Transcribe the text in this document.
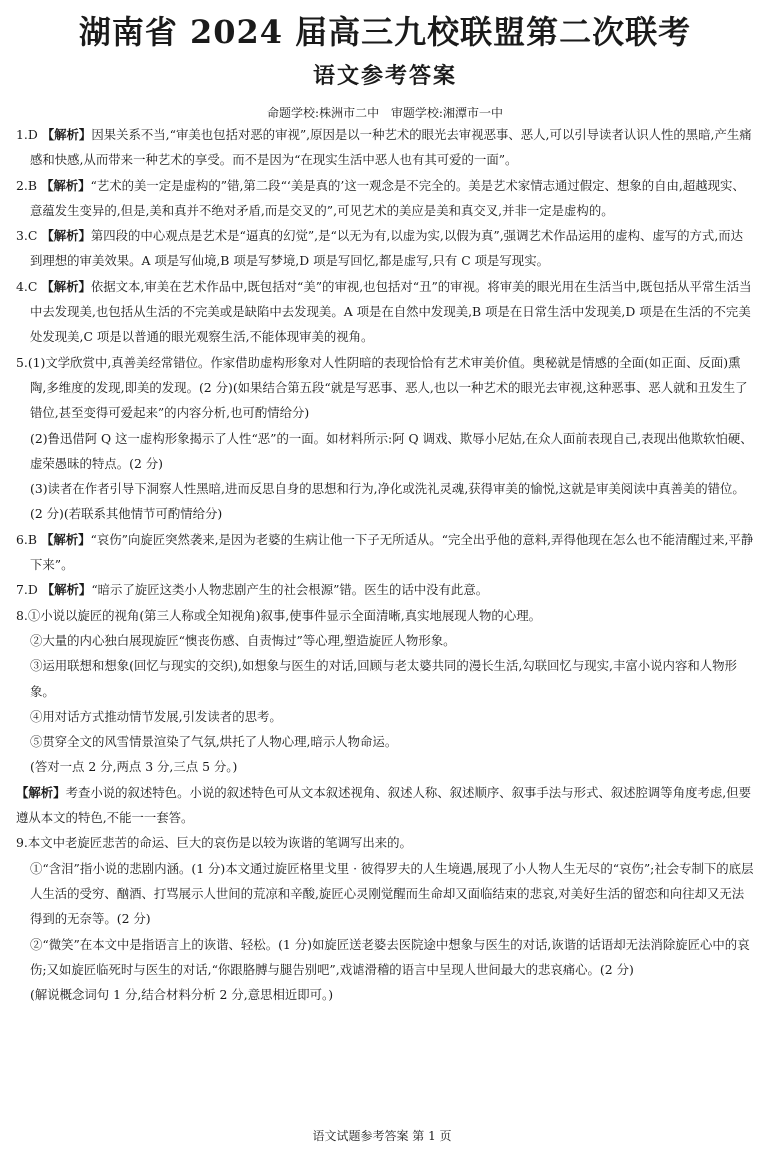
湖南省 2024 届高三九校联盟第二次联考
语文参考答案
命题学校:株洲市二中 审题学校:湘潭市一中

1.D 【解析】因果关系不当,“审美也包括对恶的审视”,原因是以一种艺术的眼光去审视恶事、恶人,可以引导读者认识人性的黑暗,产生痛感和快感,从而带来一种艺术的享受。而不是因为“在现实生活中恶人也有其可爱的一面”。

2.B 【解析】“艺术的美一定是虚构的”错,第二段“‘美是真的’这一观念是不完全的。美是艺术家情志通过假定、想象的自由,超越现实、意蕴发生变异的,但是,美和真并不绝对矛盾,而是交叉的”,可见艺术的美应是美和真交叉,并非一定是虚构的。

3.C 【解析】第四段的中心观点是艺术是“逼真的幻觉”,是“以无为有,以虚为实,以假为真”,强调艺术作品运用的虚构、虚写的方式,而达到理想的审美效果。A 项是写仙境,B 项是写梦境,D 项是写回忆,都是虚写,只有 C 项是写现实。

4.C 【解析】依据文本,审美在艺术作品中,既包括对“美”的审视,也包括对“丑”的审视。将审美的眼光用在生活当中,既包括从平常生活当中去发现美,也包括从生活的不完美或是缺陷中去发现美。A 项是在自然中发现美,B 项是在日常生活中发现美,D 项是在生活的不完美处发现美,C 项是以普通的眼光观察生活,不能体现审美的视角。

5.(1)文学欣赏中,真善美经常错位。作家借助虚构形象对人性阴暗的表现恰恰有艺术审美价值。奥秘就是情感的全面(如正面、反面)熏陶,多维度的发现,即美的发现。(2 分)(如果结合第五段“就是写恶事、恶人,也以一种艺术的眼光去审视,这种恶事、恶人就和丑发生了错位,甚至变得可爱起来”的内容分析,也可酌情给分)

(2)鲁迅借阿 Q 这一虚构形象揭示了人性“恶”的一面。如材料所示:阿 Q 调戏、欺辱小尼姑,在众人面前表现自己,表现出他欺软怕硬、虚荣愚昧的特点。(2 分)

(3)读者在作者引导下洞察人性黑暗,进而反思自身的思想和行为,净化或洗礼灵魂,获得审美的愉悦,这就是审美阅读中真善美的错位。(2 分)(若联系其他情节可酌情给分)

6.B 【解析】“哀伤”向旋匠突然袭来,是因为老婆的生病让他一下子无所适从。“完全出乎他的意料,弄得他现在怎么也不能清醒过来,平静下来”。

7.D 【解析】“暗示了旋匠这类小人物悲剧产生的社会根源”错。医生的话中没有此意。

8.①小说以旋匠的视角(第三人称或全知视角)叙事,使事件显示全面清晰,真实地展现人物的心理。

②大量的内心独白展现旋匠“懊丧伤感、自责悔过”等心理,塑造旋匠人物形象。

③运用联想和想象(回忆与现实的交织),如想象与医生的对话,回顾与老太婆共同的漫长生活,勾联回忆与现实,丰富小说内容和人物形象。

④用对话方式推动情节发展,引发读者的思考。

⑤贯穿全文的风雪情景渲染了气氛,烘托了人物心理,暗示人物命运。

(答对一点 2 分,两点 3 分,三点 5 分。)

【解析】考查小说的叙述特色。小说的叙述特色可从文本叙述视角、叙述人称、叙述顺序、叙事手法与形式、叙述腔调等角度考虑,但要遵从本文的特色,不能一一套答。

9.本文中老旋匠悲苦的命运、巨大的哀伤是以较为诙谐的笔调写出来的。

①“含泪”指小说的悲剧内涵。(1 分)本文通过旋匠格里戈里 · 彼得罗夫的人生境遇,展现了小人物人生无尽的“哀伤”;社会专制下的底层人生活的受穷、酗酒、打骂展示人世间的荒凉和辛酸,旋匠心灵刚觉醒而生命却又面临结束的悲哀,对美好生活的留恋和向往却又无法得到的无奈等。(2 分)

②“微笑”在本文中是指语言上的诙谐、轻松。(1 分)如旋匠送老婆去医院途中想象与医生的对话,诙谐的话语却无法消除旋匠心中的哀伤;又如旋匠临死时与医生的对话,“你跟胳膊与腿告别吧”,戏谑滑稽的语言中呈现人世间最大的悲哀痛心。(2 分)

(解说概念词句 1 分,结合材料分析 2 分,意思相近即可。)

语文试题参考答案 第 1 页
